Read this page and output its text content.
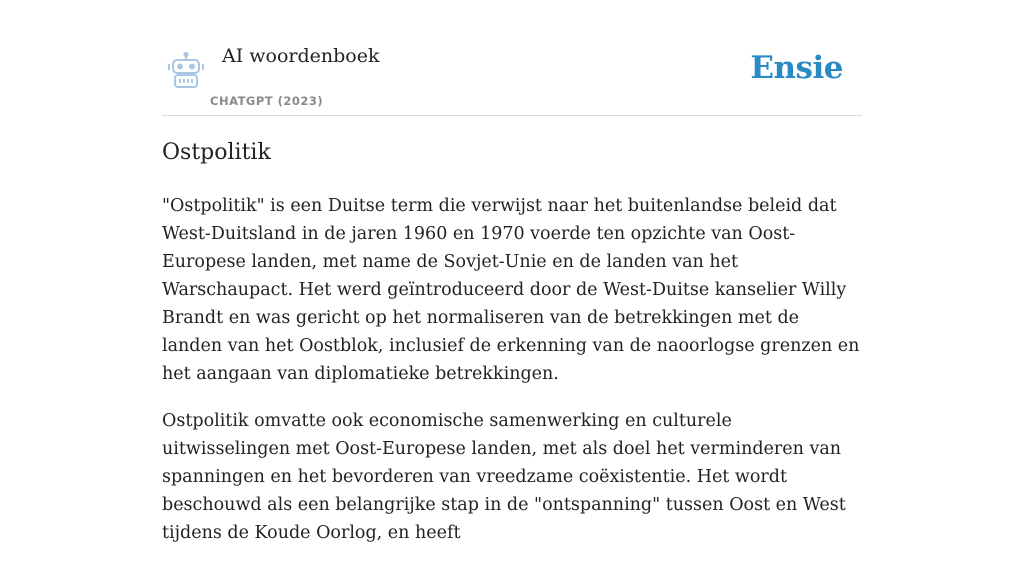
AI woordenboek
CHATGPT (2023)
Ensie
Ostpolitik

"Ostpolitik" is een Duitse term die verwijst naar het buitenlandse beleid dat West-Duitsland in de jaren 1960 en 1970 voerde ten opzichte van Oost-Europese landen, met name de Sovjet-Unie en de landen van het Warschaupact. Het werd geïntroduceerd door de West-Duitse kanselier Willy Brandt en was gericht op het normaliseren van de betrekkingen met de landen van het Oostblok, inclusief de erkenning van de naoorlogse grenzen en het aangaan van diplomatieke betrekkingen.

Ostpolitik omvatte ook economische samenwerking en culturele uitwisselingen met Oost-Europese landen, met als doel het verminderen van spanningen en het bevorderen van vreedzame coëxistentie. Het wordt beschouwd als een belangrijke stap in de "ontspanning" tussen Oost en West tijdens de Koude Oorlog, en heeft
